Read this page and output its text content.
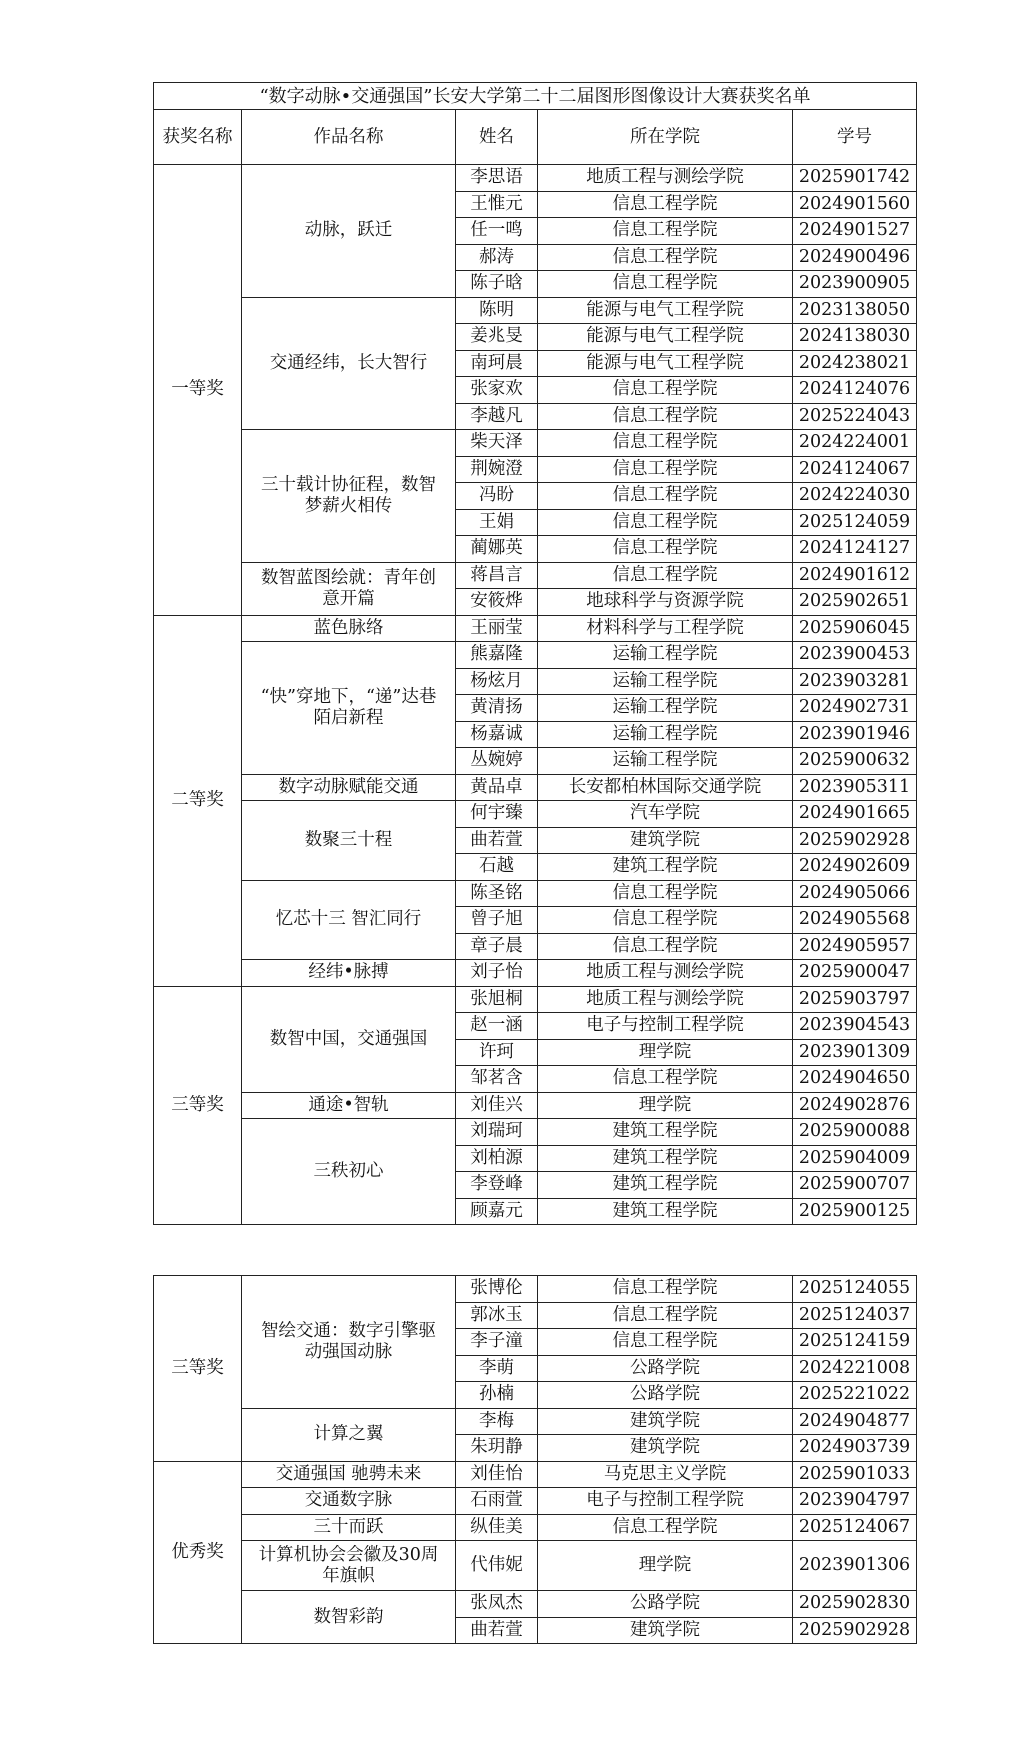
“数字动脉•交通强国”长安大学第二十二届图形图像设计大赛获奖名单				
获奖名称	作品名称	姓名	所在学院	学号
一等奖	动脉，跃迁	李思语	地质工程与测绘学院	2025901742
		王惟元	信息工程学院	2024901560
		任一鸣	信息工程学院	2024901527
		郝涛	信息工程学院	2024900496
		陈子晗	信息工程学院	2023900905
	交通经纬，长大智行	陈明	能源与电气工程学院	2023138050
		姜兆旻	能源与电气工程学院	2024138030
		南珂晨	能源与电气工程学院	2024238021
		张家欢	信息工程学院	2024124076
		李越凡	信息工程学院	2025224043
	三十载计协征程，数智梦薪火相传	柴天泽	信息工程学院	2024224001
		荆婉澄	信息工程学院	2024124067
		冯盼	信息工程学院	2024224030
		王娟	信息工程学院	2025124059
		蔺娜英	信息工程学院	2024124127
	数智蓝图绘就：青年创意开篇	蒋昌言	信息工程学院	2024901612
		安筱烨	地球科学与资源学院	2025902651
二等奖	蓝色脉络	王丽莹	材料科学与工程学院	2025906045
	“快”穿地下，“递”达巷陌启新程	熊嘉隆	运输工程学院	2023900453
		杨炫月	运输工程学院	2023903281
		黄清扬	运输工程学院	2024902731
		杨嘉诚	运输工程学院	2023901946
		丛婉婷	运输工程学院	2025900632
	数字动脉赋能交通	黄品卓	长安都柏林国际交通学院	2023905311
	数聚三十程	何宇臻	汽车学院	2024901665
		曲若萱	建筑学院	2025902928
		石越	建筑工程学院	2024902609
	忆芯十三 智汇同行	陈圣铭	信息工程学院	2024905066
		曾子旭	信息工程学院	2024905568
		章子晨	信息工程学院	2024905957
	经纬•脉搏	刘子怡	地质工程与测绘学院	2025900047
三等奖	数智中国，交通强国	张旭桐	地质工程与测绘学院	2025903797
		赵一涵	电子与控制工程学院	2023904543
		许珂	理学院	2023901309
		邹茗含	信息工程学院	2024904650
	通途•智轨	刘佳兴	理学院	2024902876
	三秩初心	刘瑞珂	建筑工程学院	2025900088
		刘柏源	建筑工程学院	2025904009
		李登峰	建筑工程学院	2025900707
		顾嘉元	建筑工程学院	2025900125
三等奖	智绘交通：数字引擎驱动强国动脉	张博伦	信息工程学院	2025124055
		郭冰玉	信息工程学院	2025124037
		李子潼	信息工程学院	2025124159
		李萌	公路学院	2024221008
		孙楠	公路学院	2025221022
	计算之翼	李梅	建筑学院	2024904877
		朱玥静	建筑学院	2024903739
优秀奖	交通强国 驰骋未来	刘佳怡	马克思主义学院	2025901033
	交通数字脉	石雨萱	电子与控制工程学院	2023904797
	三十而跃	纵佳美	信息工程学院	2025124067
	计算机协会会徽及30周年旗帜	代伟妮	理学院	2023901306
	数智彩韵	张凤杰	公路学院	2025902830
		曲若萱	建筑学院	2025902928
